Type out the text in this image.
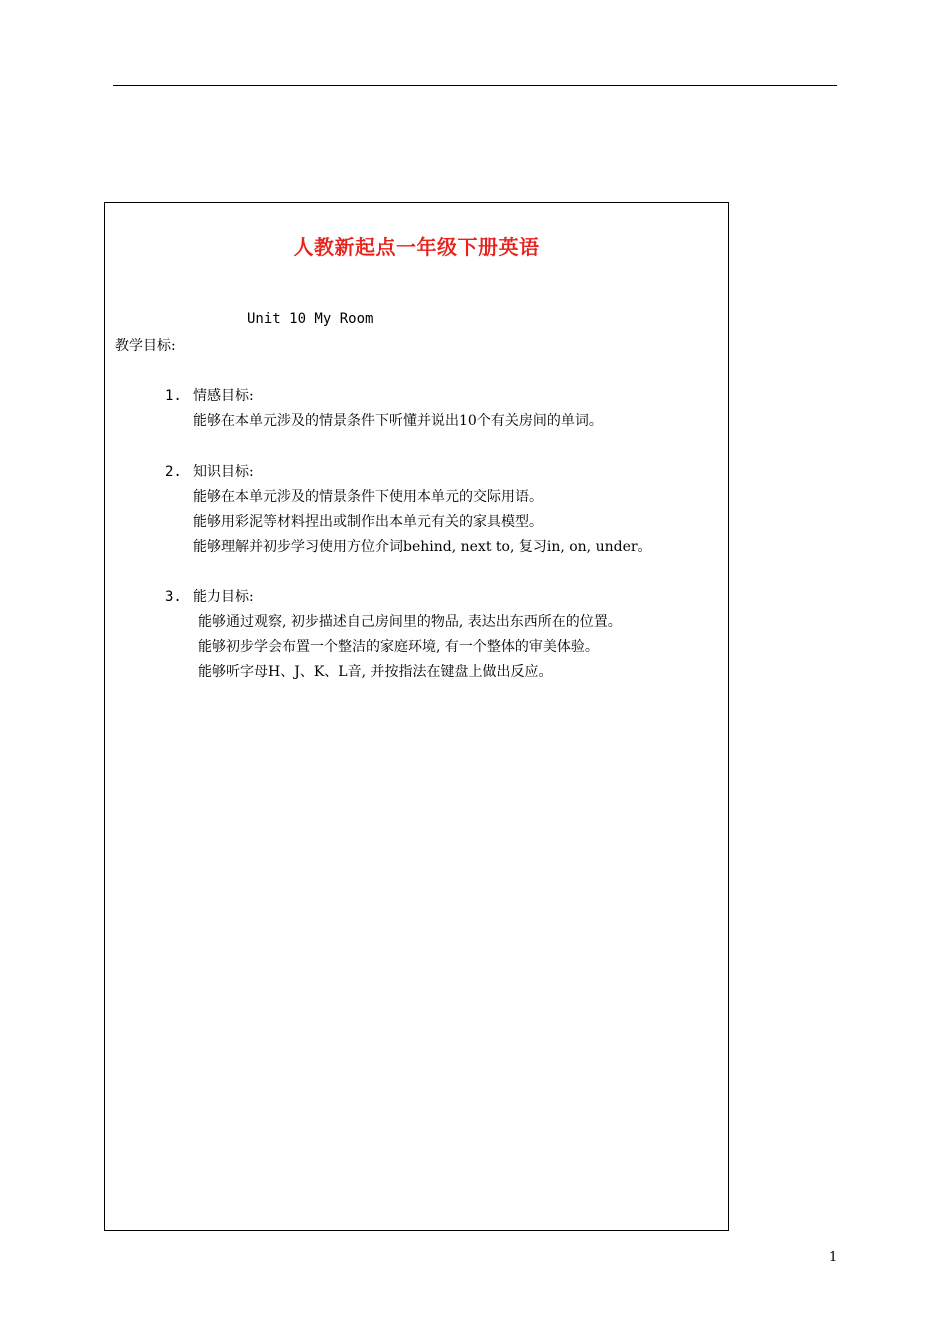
人教新起点一年级下册英语
Unit 10 My Room
教学目标:
1. 情感目标:
能够在本单元涉及的情景条件下听懂并说出10个有关房间的单词。
2. 知识目标:
能够在本单元涉及的情景条件下使用本单元的交际用语。
能够用彩泥等材料捏出或制作出本单元有关的家具模型。
能够理解并初步学习使用方位介词behind, next to, 复习in, on, under。
3. 能力目标:
能够通过观察, 初步描述自己房间里的物品, 表达出东西所在的位置。
能够初步学会布置一个整洁的家庭环境, 有一个整体的审美体验。
能够听字母H、J、K、L音, 并按指法在键盘上做出反应。
1
